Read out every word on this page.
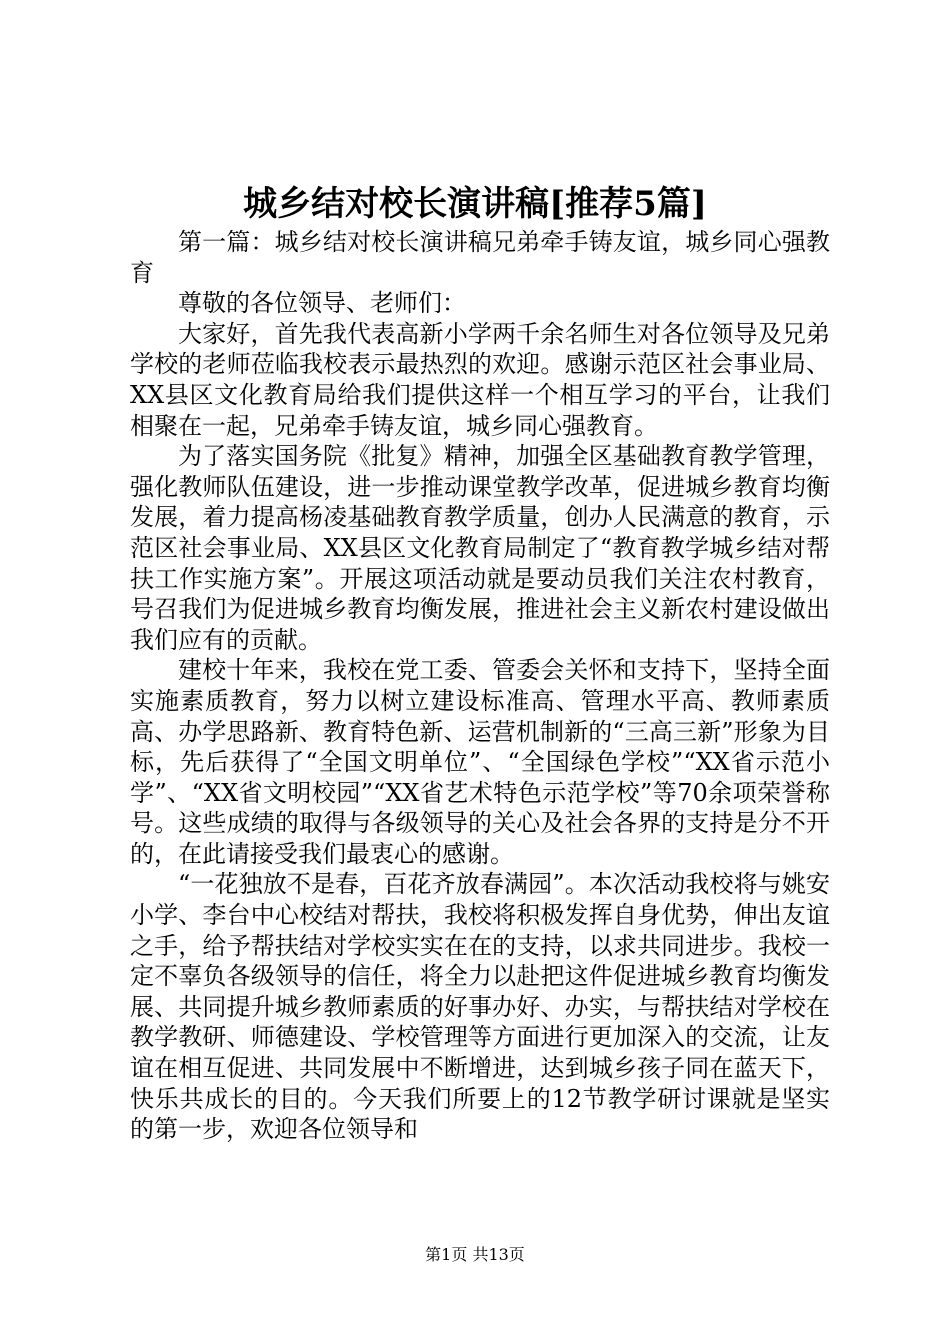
城乡结对校长演讲稿[推荐5篇]

第一篇：城乡结对校长演讲稿兄弟牵手铸友谊，城乡同心强教育

尊敬的各位领导、老师们：

大家好，首先我代表高新小学两千余名师生对各位领导及兄弟学校的老师莅临我校表示最热烈的欢迎。感谢示范区社会事业局、XX县区文化教育局给我们提供这样一个相互学习的平台，让我们相聚在一起，兄弟牵手铸友谊，城乡同心强教育。

为了落实国务院《批复》精神，加强全区基础教育教学管理，强化教师队伍建设，进一步推动课堂教学改革，促进城乡教育均衡发展，着力提高杨凌基础教育教学质量，创办人民满意的教育，示范区社会事业局、XX县区文化教育局制定了“教育教学城乡结对帮扶工作实施方案”。开展这项活动就是要动员我们关注农村教育，号召我们为促进城乡教育均衡发展，推进社会主义新农村建设做出我们应有的贡献。

建校十年来，我校在党工委、管委会关怀和支持下，坚持全面实施素质教育，努力以树立建设标准高、管理水平高、教师素质高、办学思路新、教育特色新、运营机制新的“三高三新”形象为目标，先后获得了“全国文明单位”、“全国绿色学校”“XX省示范小学”、“XX省文明校园”“XX省艺术特色示范学校”等70余项荣誉称号。这些成绩的取得与各级领导的关心及社会各界的支持是分不开的，在此请接受我们最衷心的感谢。

“一花独放不是春，百花齐放春满园”。本次活动我校将与姚安小学、李台中心校结对帮扶，我校将积极发挥自身优势，伸出友谊之手，给予帮扶结对学校实实在在的支持，以求共同进步。我校一定不辜负各级领导的信任，将全力以赴把这件促进城乡教育均衡发展、共同提升城乡教师素质的好事办好、办实，与帮扶结对学校在教学教研、师德建设、学校管理等方面进行更加深入的交流，让友谊在相互促进、共同发展中不断增进，达到城乡孩子同在蓝天下，快乐共成长的目的。今天我们所要上的12节教学研讨课就是坚实的第一步，欢迎各位领导和

第1页 共13页
